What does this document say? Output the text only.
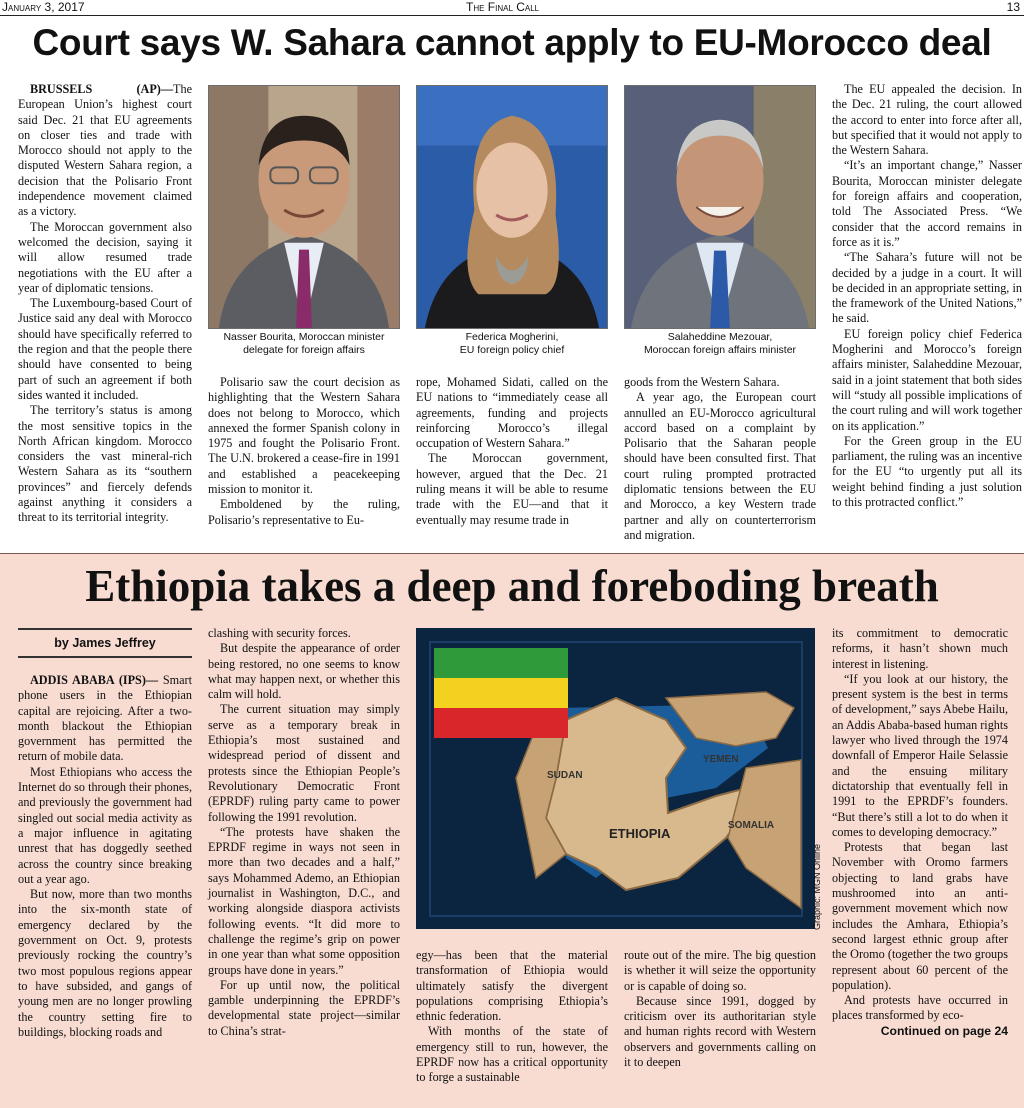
January 3, 2017	The Final Call	13
Court says W. Sahara cannot apply to EU-Morocco deal

BRUSSELS (AP)—The European Union’s highest court said Dec. 21 that EU agreements on closer ties and trade with Morocco should not apply to the disputed Western Sahara region, a decision that the Polisario Front independence movement claimed as a victory.

The Moroccan government also welcomed the decision, saying it will allow resumed trade negotiations with the EU after a year of diplomatic tensions.

The Luxembourg-based Court of Justice said any deal with Morocco should have specifically referred to the region and that the people there should have consented to being part of such an agreement if both sides wanted it included.

The territory’s status is among the most sensitive topics in the North African kingdom. Morocco considers the vast mineral-rich Western Sahara as its “southern provinces” and fiercely defends against anything it considers a threat to its territorial integrity.

Nasser Bourita, Moroccan minister
delegate for foreign affairs
Federica Mogherini,
EU foreign policy chief
Salaheddine Mezouar,
Moroccan foreign affairs minister

Polisario saw the court decision as highlighting that the Western Sahara does not belong to Morocco, which annexed the former Spanish colony in 1975 and fought the Polisario Front. The U.N. brokered a cease-fire in 1991 and established a peacekeeping mission to monitor it.

Emboldened by the ruling, Polisario’s representative to Eu-

rope, Mohamed Sidati, called on the EU nations to “immediately cease all agreements, funding and projects reinforcing Morocco’s illegal occupation of Western Sahara.”

The Moroccan government, however, argued that the Dec. 21 ruling means it will be able to resume trade with the EU—and that it eventually may resume trade in

goods from the Western Sahara.

A year ago, the European court annulled an EU-Morocco agricultural accord based on a complaint by Polisario that the Saharan people should have been consulted first. That court ruling prompted protracted diplomatic tensions between the EU and Morocco, a key Western trade partner and ally on counterterrorism and migration.

The EU appealed the decision. In the Dec. 21 ruling, the court allowed the accord to enter into force after all, but specified that it would not apply to the Western Sahara.

“It’s an important change,” Nasser Bourita, Moroccan minister delegate for foreign affairs and cooperation, told The Associated Press. “We consider that the accord remains in force as it is.”

“The Sahara’s future will not be decided by a judge in a court. It will be decided in an appropriate setting, in the framework of the United Nations,” he said.

EU foreign policy chief Federica Mogherini and Morocco’s foreign affairs minister, Salaheddine Mezouar, said in a joint statement that both sides will “study all possible implications of the court ruling and will work together on its application.”

For the Green group in the EU parliament, the ruling was an incentive for the EU “to urgently put all its weight behind finding a just solution to this protracted conflict.”

Ethiopia takes a deep and foreboding breath
by James Jeffrey

ADDIS ABABA (IPS)— Smart phone users in the Ethiopian capital are rejoicing. After a two-month blackout the Ethiopian government has permitted the return of mobile data.

Most Ethiopians who access the Internet do so through their phones, and previously the government had singled out social media activity as a major influence in agitating unrest that has doggedly seethed across the country since breaking out a year ago.

But now, more than two months into the six-month state of emergency declared by the government on Oct. 9, protests previously rocking the country’s two most populous regions appear to have subsided, and gangs of young men are no longer prowling the country setting fire to buildings, blocking roads and

clashing with security forces.

But despite the appearance of order being restored, no one seems to know what may happen next, or whether this calm will hold.

The current situation may simply serve as a temporary break in Ethiopia’s most sustained and widespread period of dissent and protests since the Ethiopian People’s Revolutionary Democratic Front (EPRDF) ruling party came to power following the 1991 revolution.

“The protests have shaken the EPRDF regime in ways not seen in more than two decades and a half,” says Mohammed Ademo, an Ethiopian journalist in Washington, D.C., and working alongside diaspora activists following events. “It did more to challenge the regime’s grip on power in one year than what some opposition groups have done in years.”

For up until now, the political gamble underpinning the EPRDF’s developmental state project—similar to China’s strat-

SUDAN
YEMEN
ETHIOPIA
SOMALIA
Graphic: MGN Online

egy—has been that the material transformation of Ethiopia would ultimately satisfy the divergent populations comprising Ethiopia’s ethnic federation.

With months of the state of emergency still to run, however, the EPRDF now has a critical opportunity to forge a sustainable

route out of the mire. The big question is whether it will seize the opportunity or is capable of doing so.

Because since 1991, dogged by criticism over its authoritarian style and human rights record with Western observers and governments calling on it to deepen

its commitment to democratic reforms, it hasn’t shown much interest in listening.

“If you look at our history, the present system is the best in terms of development,” says Abebe Hailu, an Addis Ababa-based human rights lawyer who lived through the 1974 downfall of Emperor Haile Selassie and the ensuing military dictatorship that eventually fell in 1991 to the EPRDF’s founders. “But there’s still a lot to do when it comes to developing democracy.”

Protests that began last November with Oromo farmers objecting to land grabs have mushroomed into an anti-government movement which now includes the Amhara, Ethiopia’s second largest ethnic group after the Oromo (together the two groups represent about 60 percent of the population).

And protests have occurred in places transformed by eco-

Continued on page 24
